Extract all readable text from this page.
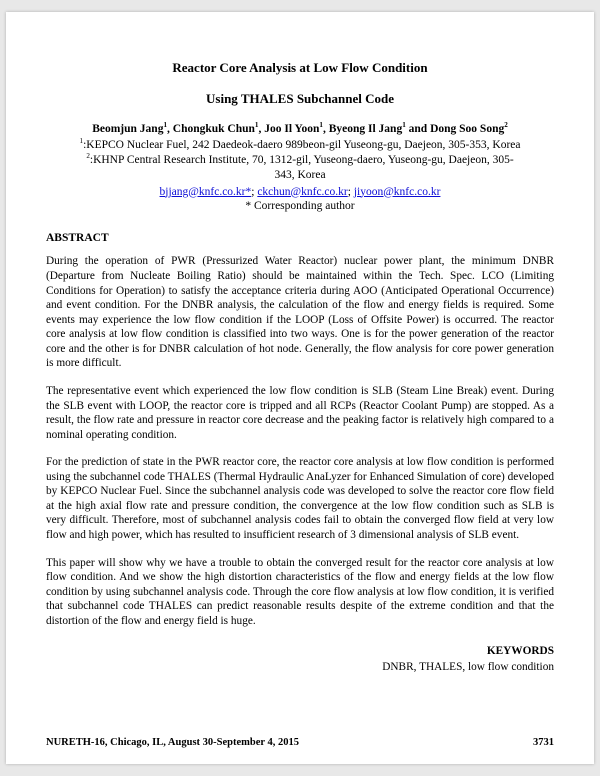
Reactor Core Analysis at Low Flow Condition
Using THALES Subchannel Code
Beomjun Jang$^1$, Chongkuk Chun$^1$, Joo Il Yoon$^1$, Byeong Il Jang$^1$ and Dong Soo Song$^2$
$^1$:KEPCO Nuclear Fuel, 242 Daedeok-daero 989beon-gil Yuseong-gu, Daejeon, 305-353, Korea
$^2$:KHNP Central Research Institute, 70, 1312-gil, Yuseong-daero, Yuseong-gu, Daejeon, 305-343, Korea
bjjang@knfc.co.kr*; ckchun@knfc.co.kr; jiyoon@knfc.co.kr
* Corresponding author
ABSTRACT

During the operation of PWR (Pressurized Water Reactor) nuclear power plant, the minimum DNBR (Departure from Nucleate Boiling Ratio) should be maintained within the Tech. Spec. LCO (Limiting Conditions for Operation) to satisfy the acceptance criteria during AOO (Anticipated Operational Occurrence) and event condition. For the DNBR analysis, the calculation of the flow and energy fields is required. Some events may experience the low flow condition if the LOOP (Loss of Offsite Power) is occurred. The reactor core analysis at low flow condition is classified into two ways. One is for the power generation of the reactor core and the other is for DNBR calculation of hot node. Generally, the flow analysis for core power generation is more difficult.

The representative event which experienced the low flow condition is SLB (Steam Line Break) event. During the SLB event with LOOP, the reactor core is tripped and all RCPs (Reactor Coolant Pump) are stopped. As a result, the flow rate and pressure in reactor core decrease and the peaking factor is relatively high compared to a nominal operating condition.

For the prediction of state in the PWR reactor core, the reactor core analysis at low flow condition is performed using the subchannel code THALES (Thermal Hydraulic AnaLyzer for Enhanced Simulation of core) developed by KEPCO Nuclear Fuel. Since the subchannel analysis code was developed to solve the reactor core flow field at the high axial flow rate and pressure condition, the convergence at the low flow condition such as SLB is very difficult. Therefore, most of subchannel analysis codes fail to obtain the converged flow field at very low flow and high power, which has resulted to insufficient research of 3 dimensional analysis of SLB event.

This paper will show why we have a trouble to obtain the converged result for the reactor core analysis at low flow condition. And we show the high distortion characteristics of the flow and energy fields at the low flow condition by using subchannel analysis code. Through the core flow analysis at low flow condition, it is verified that subchannel code THALES can predict reasonable results despite of the extreme condition and that the distortion of the flow and energy field is huge.

KEYWORDS
DNBR, THALES, low flow condition
NURETH-16, Chicago, IL, August 30-September 4, 2015	3731
